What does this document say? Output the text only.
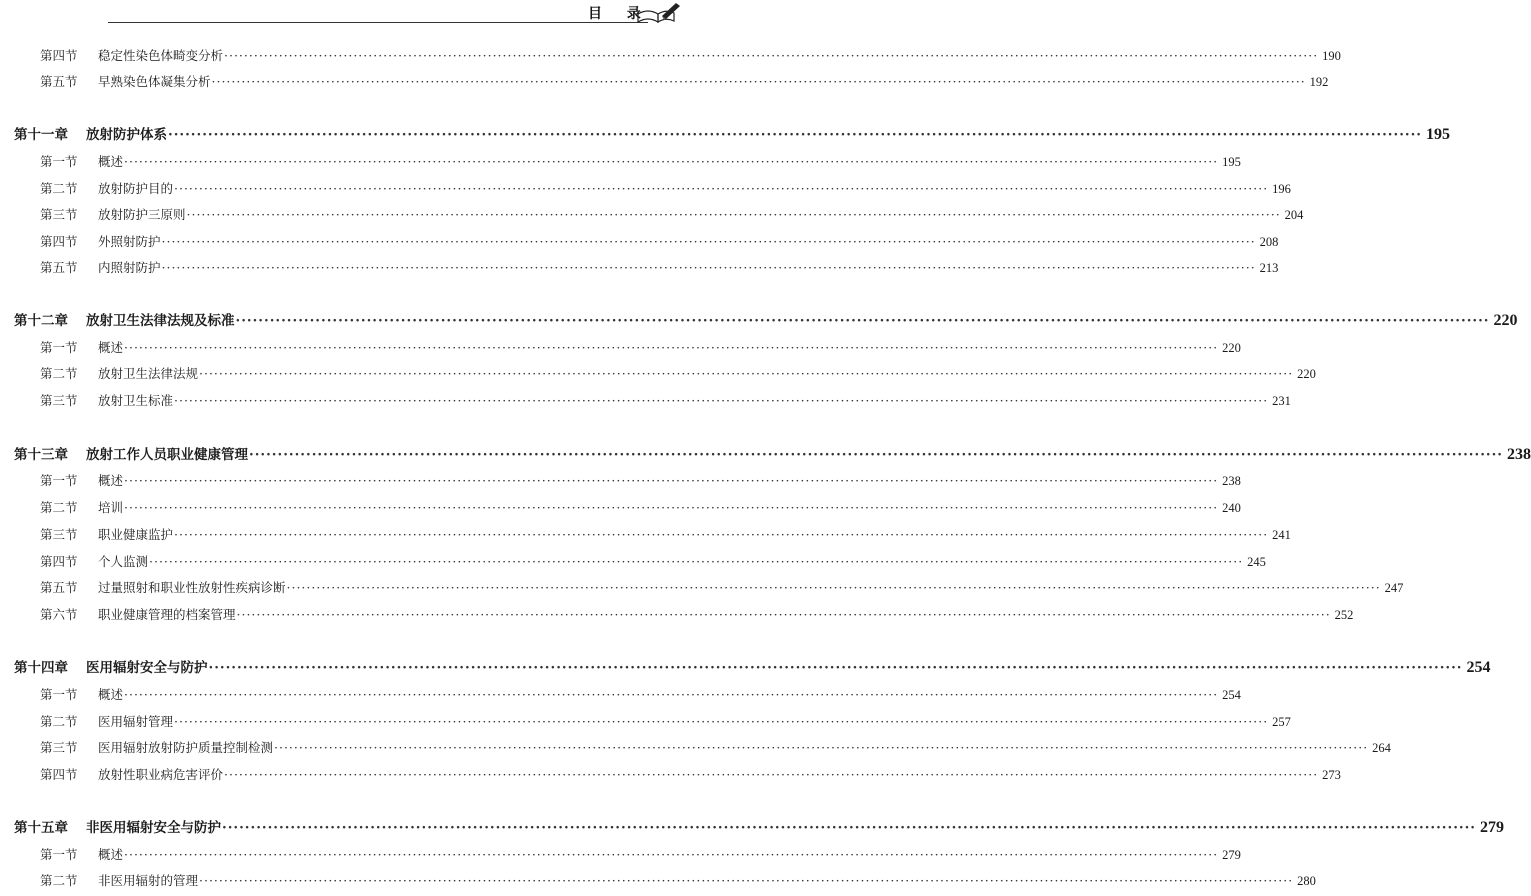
目 录
第四节	稳定性染色体畸变分析 ···························································································································································································································· 190
第五节	早熟染色体凝集分析 ···························································································································································································································· 192
第十一章	放射防护体系 ···························································································································································································································· 195
第一节	概述 ···························································································································································································································· 195
第二节	放射防护目的 ···························································································································································································································· 196
第三节	放射防护三原则 ···························································································································································································································· 204
第四节	外照射防护 ···························································································································································································································· 208
第五节	内照射防护 ···························································································································································································································· 213
第十二章	放射卫生法律法规及标准 ···························································································································································································································· 220
第一节	概述 ···························································································································································································································· 220
第二节	放射卫生法律法规 ···························································································································································································································· 220
第三节	放射卫生标准 ···························································································································································································································· 231
第十三章	放射工作人员职业健康管理 ···························································································································································································································· 238
第一节	概述 ···························································································································································································································· 238
第二节	培训 ···························································································································································································································· 240
第三节	职业健康监护 ···························································································································································································································· 241
第四节	个人监测 ···························································································································································································································· 245
第五节	过量照射和职业性放射性疾病诊断 ···························································································································································································································· 247
第六节	职业健康管理的档案管理 ···························································································································································································································· 252
第十四章	医用辐射安全与防护 ···························································································································································································································· 254
第一节	概述 ···························································································································································································································· 254
第二节	医用辐射管理 ···························································································································································································································· 257
第三节	医用辐射放射防护质量控制检测 ···························································································································································································································· 264
第四节	放射性职业病危害评价 ···························································································································································································································· 273
第十五章	非医用辐射安全与防护 ···························································································································································································································· 279
第一节	概述 ···························································································································································································································· 279
第二节	非医用辐射的管理 ···························································································································································································································· 280
